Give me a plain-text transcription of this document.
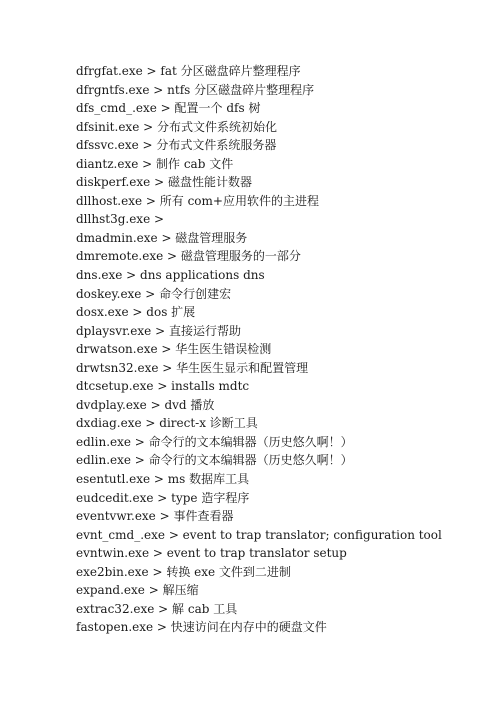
dfrgfat.exe > fat 分区磁盘碎片整理程序
dfrgntfs.exe > ntfs 分区磁盘碎片整理程序
dfs_cmd_.exe > 配置一个 dfs 树
dfsinit.exe > 分布式文件系统初始化
dfssvc.exe > 分布式文件系统服务器
diantz.exe > 制作 cab 文件
diskperf.exe > 磁盘性能计数器
dllhost.exe > 所有 com+应用软件的主进程
dllhst3g.exe >
dmadmin.exe > 磁盘管理服务
dmremote.exe > 磁盘管理服务的一部分
dns.exe > dns applications dns
doskey.exe > 命令行创建宏
dosx.exe > dos 扩展
dplaysvr.exe > 直接运行帮助
drwatson.exe > 华生医生错误检测
drwtsn32.exe > 华生医生显示和配置管理
dtcsetup.exe > installs mdtc
dvdplay.exe > dvd 播放
dxdiag.exe > direct-x 诊断工具
edlin.exe > 命令行的文本编辑器（历史悠久啊！）
edlin.exe > 命令行的文本编辑器（历史悠久啊！）
esentutl.exe > ms 数据库工具
eudcedit.exe > type 造字程序
eventvwr.exe > 事件查看器
evnt_cmd_.exe > event to trap translator; configuration tool
evntwin.exe > event to trap translator setup
exe2bin.exe > 转换 exe 文件到二进制
expand.exe > 解压缩
extrac32.exe > 解 cab 工具
fastopen.exe > 快速访问在内存中的硬盘文件
